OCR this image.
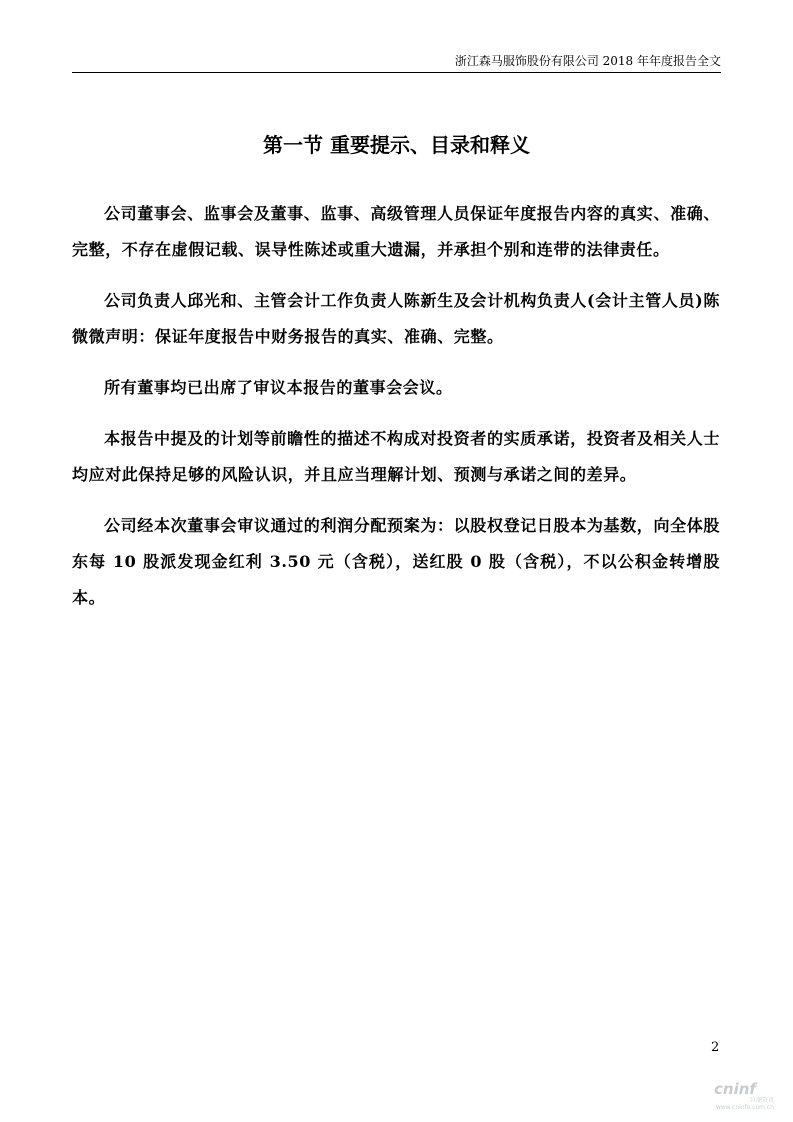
浙江森马服饰股份有限公司 2018 年年度报告全文
第一节 重要提示、目录和释义

公司董事会、监事会及董事、监事、高级管理人员保证年度报告内容的真实、准确、完整，不存在虚假记载、误导性陈述或重大遗漏，并承担个别和连带的法律责任。

公司负责人邱光和、主管会计工作负责人陈新生及会计机构负责人(会计主管人员)陈微微声明：保证年度报告中财务报告的真实、准确、完整。

所有董事均已出席了审议本报告的董事会会议。

本报告中提及的计划等前瞻性的描述不构成对投资者的实质承诺，投资者及相关人士均应对此保持足够的风险认识，并且应当理解计划、预测与承诺之间的差异。

公司经本次董事会审议通过的利润分配预案为：以股权登记日股本为基数，向全体股东每 10 股派发现金红利 3.50 元（含税），送红股 0 股（含税），不以公积金转增股本。

2
cninf
巨潮资讯
www.cninfo.com.cn
